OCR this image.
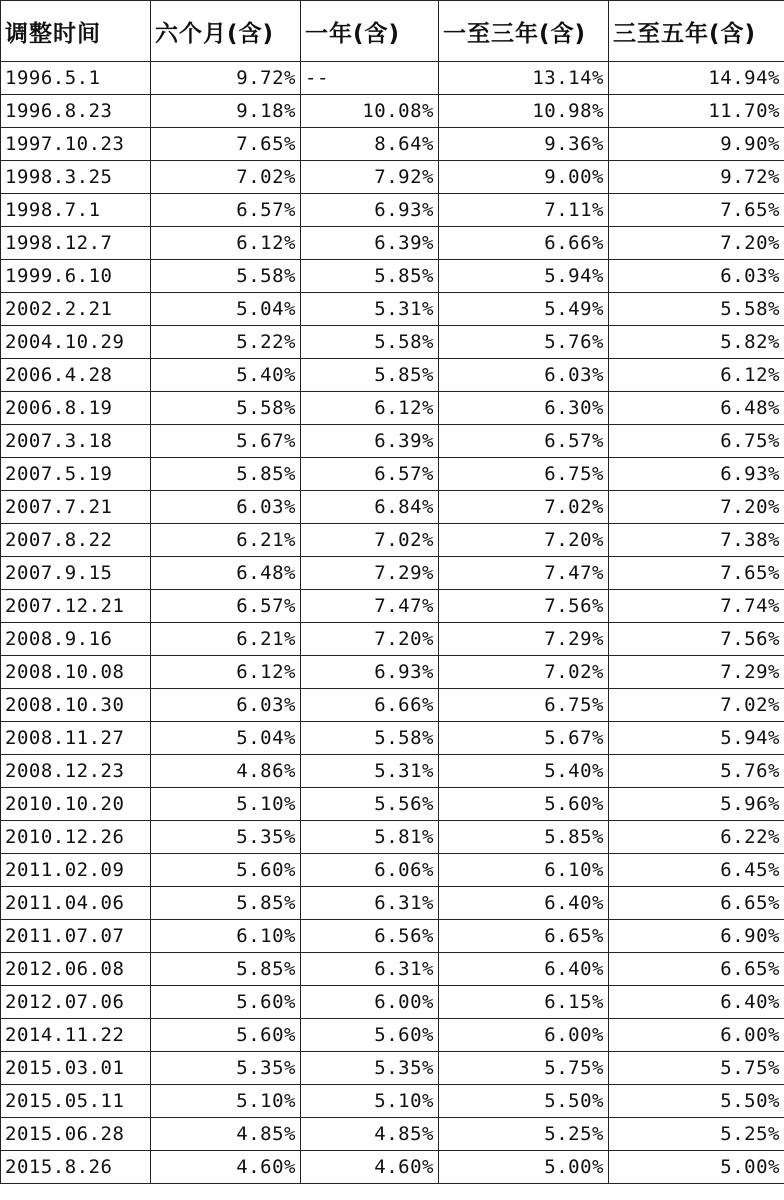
调整时间	六个月(含)	一年(含)	一至三年(含)	三至五年(含)
1996.5.1	9.72%	--	13.14%	14.94%
1996.8.23	9.18%	10.08%	10.98%	11.70%
1997.10.23	7.65%	8.64%	9.36%	9.90%
1998.3.25	7.02%	7.92%	9.00%	9.72%
1998.7.1	6.57%	6.93%	7.11%	7.65%
1998.12.7	6.12%	6.39%	6.66%	7.20%
1999.6.10	5.58%	5.85%	5.94%	6.03%
2002.2.21	5.04%	5.31%	5.49%	5.58%
2004.10.29	5.22%	5.58%	5.76%	5.82%
2006.4.28	5.40%	5.85%	6.03%	6.12%
2006.8.19	5.58%	6.12%	6.30%	6.48%
2007.3.18	5.67%	6.39%	6.57%	6.75%
2007.5.19	5.85%	6.57%	6.75%	6.93%
2007.7.21	6.03%	6.84%	7.02%	7.20%
2007.8.22	6.21%	7.02%	7.20%	7.38%
2007.9.15	6.48%	7.29%	7.47%	7.65%
2007.12.21	6.57%	7.47%	7.56%	7.74%
2008.9.16	6.21%	7.20%	7.29%	7.56%
2008.10.08	6.12%	6.93%	7.02%	7.29%
2008.10.30	6.03%	6.66%	6.75%	7.02%
2008.11.27	5.04%	5.58%	5.67%	5.94%
2008.12.23	4.86%	5.31%	5.40%	5.76%
2010.10.20	5.10%	5.56%	5.60%	5.96%
2010.12.26	5.35%	5.81%	5.85%	6.22%
2011.02.09	5.60%	6.06%	6.10%	6.45%
2011.04.06	5.85%	6.31%	6.40%	6.65%
2011.07.07	6.10%	6.56%	6.65%	6.90%
2012.06.08	5.85%	6.31%	6.40%	6.65%
2012.07.06	5.60%	6.00%	6.15%	6.40%
2014.11.22	5.60%	5.60%	6.00%	6.00%
2015.03.01	5.35%	5.35%	5.75%	5.75%
2015.05.11	5.10%	5.10%	5.50%	5.50%
2015.06.28	4.85%	4.85%	5.25%	5.25%
2015.8.26	4.60%	4.60%	5.00%	5.00%
